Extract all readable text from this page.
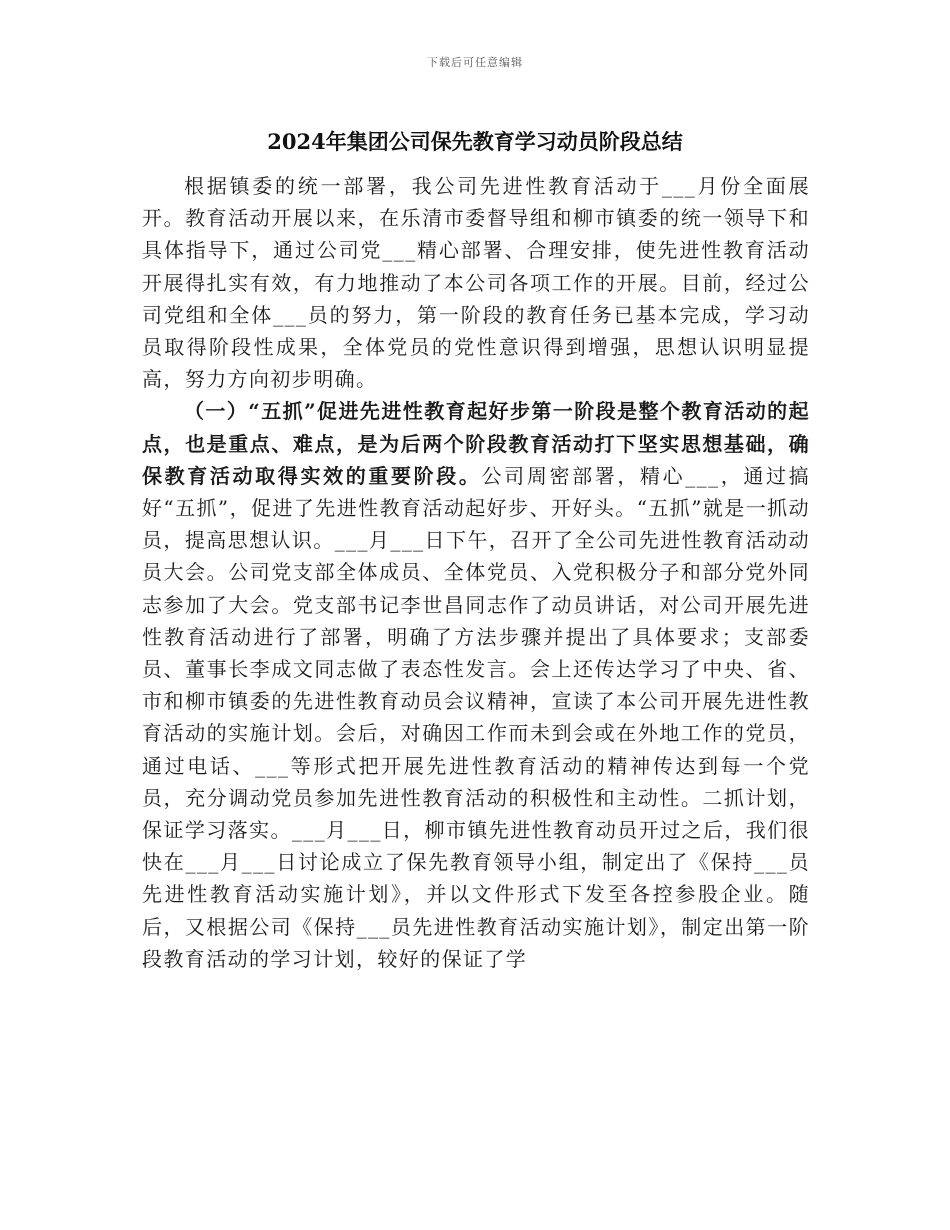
下载后可任意编辑
2024年集团公司保先教育学习动员阶段总结

根据镇委的统一部署，我公司先进性教育活动于___月份全面展开。教育活动开展以来，在乐清市委督导组和柳市镇委的统一领导下和具体指导下，通过公司党___精心部署、合理安排，使先进性教育活动开展得扎实有效，有力地推动了本公司各项工作的开展。目前，经过公司党组和全体___员的努力，第一阶段的教育任务已基本完成，学习动员取得阶段性成果，全体党员的党性意识得到增强，思想认识明显提高，努力方向初步明确。

（一）“五抓”促进先进性教育起好步第一阶段是整个教育活动的起点，也是重点、难点，是为后两个阶段教育活动打下坚实思想基础，确保教育活动取得实效的重要阶段。公司周密部署，精心___，通过搞好“五抓”，促进了先进性教育活动起好步、开好头。“五抓”就是一抓动员，提高思想认识。___月___日下午，召开了全公司先进性教育活动动员大会。公司党支部全体成员、全体党员、入党积极分子和部分党外同志参加了大会。党支部书记李世昌同志作了动员讲话，对公司开展先进性教育活动进行了部署，明确了方法步骤并提出了具体要求；支部委员、董事长李成文同志做了表态性发言。会上还传达学习了中央、省、市和柳市镇委的先进性教育动员会议精神，宣读了本公司开展先进性教育活动的实施计划。会后，对确因工作而未到会或在外地工作的党员，通过电话、___等形式把开展先进性教育活动的精神传达到每一个党员，充分调动党员参加先进性教育活动的积极性和主动性。二抓计划，保证学习落实。___月___日，柳市镇先进性教育动员开过之后，我们很快在___月___日讨论成立了保先教育领导小组，制定出了《保持___员先进性教育活动实施计划》，并以文件形式下发至各控参股企业。随后，又根据公司《保持___员先进性教育活动实施计划》，制定出第一阶段教育活动的学习计划，较好的保证了学
